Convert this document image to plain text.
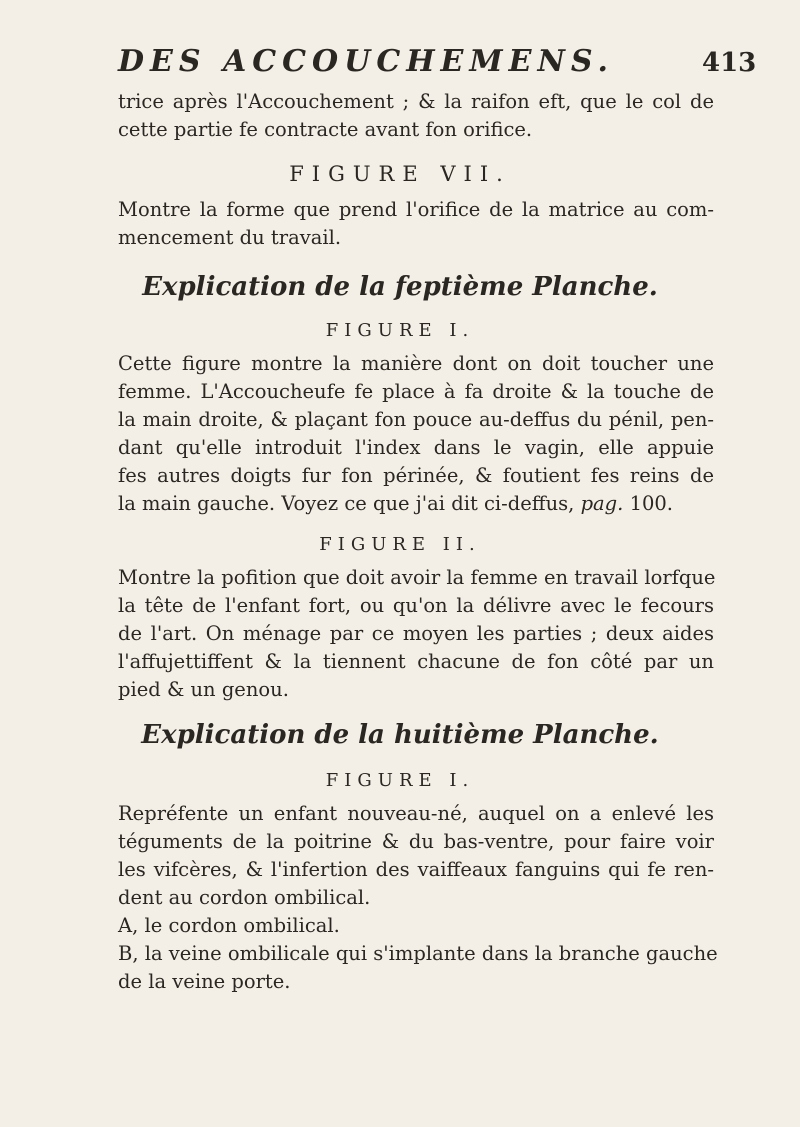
DES ACCOUCHEMENS.	413
trice après l'Accouchement ; & la raifon eft, que le col de
cette partie fe contracte avant fon orifice.
FIGURE VII.
Montre la forme que prend l'orifice de la matrice au com-
mencement du travail.
Explication de la feptième Planche.
FIGURE I.
Cette figure montre la manière dont on doit toucher une
femme. L'Accoucheufe fe place à fa droite & la touche de
la main droite, & plaçant fon pouce au-deffus du pénil, pen-
dant qu'elle introduit l'index dans le vagin, elle appuie
fes autres doigts fur fon périnée, & foutient fes reins de
la main gauche. Voyez ce que j'ai dit ci-deffus, pag. 100.
FIGURE II.
Montre la pofition que doit avoir la femme en travail lorfque
la tête de l'enfant fort, ou qu'on la délivre avec le fecours
de l'art. On ménage par ce moyen les parties ; deux aides
l'affujettiffent & la tiennent chacune de fon côté par un
pied & un genou.
Explication de la huitième Planche.
FIGURE I.
Repréfente un enfant nouveau-né, auquel on a enlevé les
téguments de la poitrine & du bas-ventre, pour faire voir
les vifcères, & l'infertion des vaiffeaux fanguins qui fe ren-
dent au cordon ombilical.
A, le cordon ombilical.
B, la veine ombilicale qui s'implante dans la branche gauche
de la veine porte.
